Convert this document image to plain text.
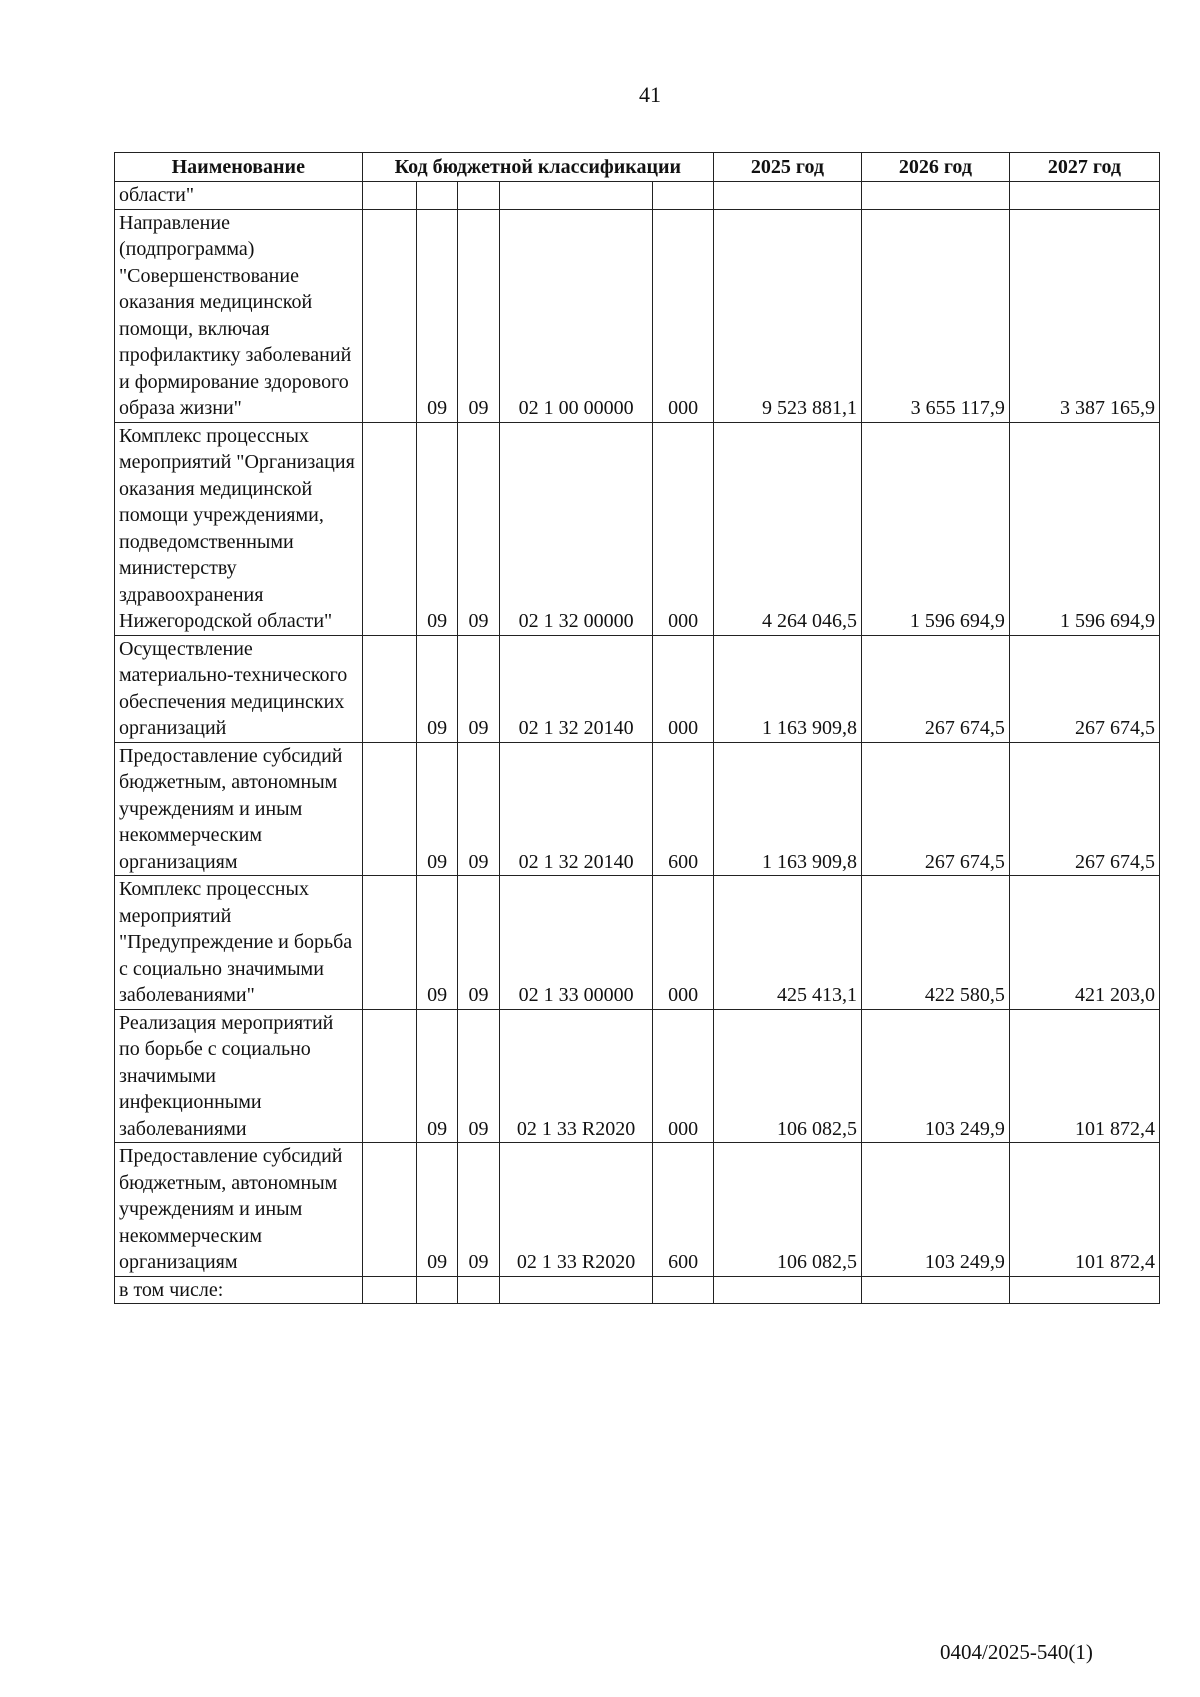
41
Наименование	Код бюджетной классификации					2025 год	2026 год	2027 год
области"								
Направление (подпрограмма) "Совершенствование оказания медицинской помощи, включая профилактику заболеваний и формирование здорового образа жизни"		09	09	02 1 00 00000	000	9 523 881,1	3 655 117,9	3 387 165,9
Комплекс процессных мероприятий "Организация оказания медицинской помощи учреждениями, подведомственными министерству здравоохранения Нижегородской области"		09	09	02 1 32 00000	000	4 264 046,5	1 596 694,9	1 596 694,9
Осуществление материально-технического обеспечения медицинских организаций		09	09	02 1 32 20140	000	1 163 909,8	267 674,5	267 674,5
Предоставление субсидий бюджетным, автономным учреждениям и иным некоммерческим организациям		09	09	02 1 32 20140	600	1 163 909,8	267 674,5	267 674,5
Комплекс процессных мероприятий "Предупреждение и борьба с социально значимыми заболеваниями"		09	09	02 1 33 00000	000	425 413,1	422 580,5	421 203,0
Реализация мероприятий по борьбе с социально значимыми инфекционными заболеваниями		09	09	02 1 33 R2020	000	106 082,5	103 249,9	101 872,4
Предоставление субсидий бюджетным, автономным учреждениям и иным некоммерческим организациям		09	09	02 1 33 R2020	600	106 082,5	103 249,9	101 872,4
в том числе:								
0404/2025-540(1)
